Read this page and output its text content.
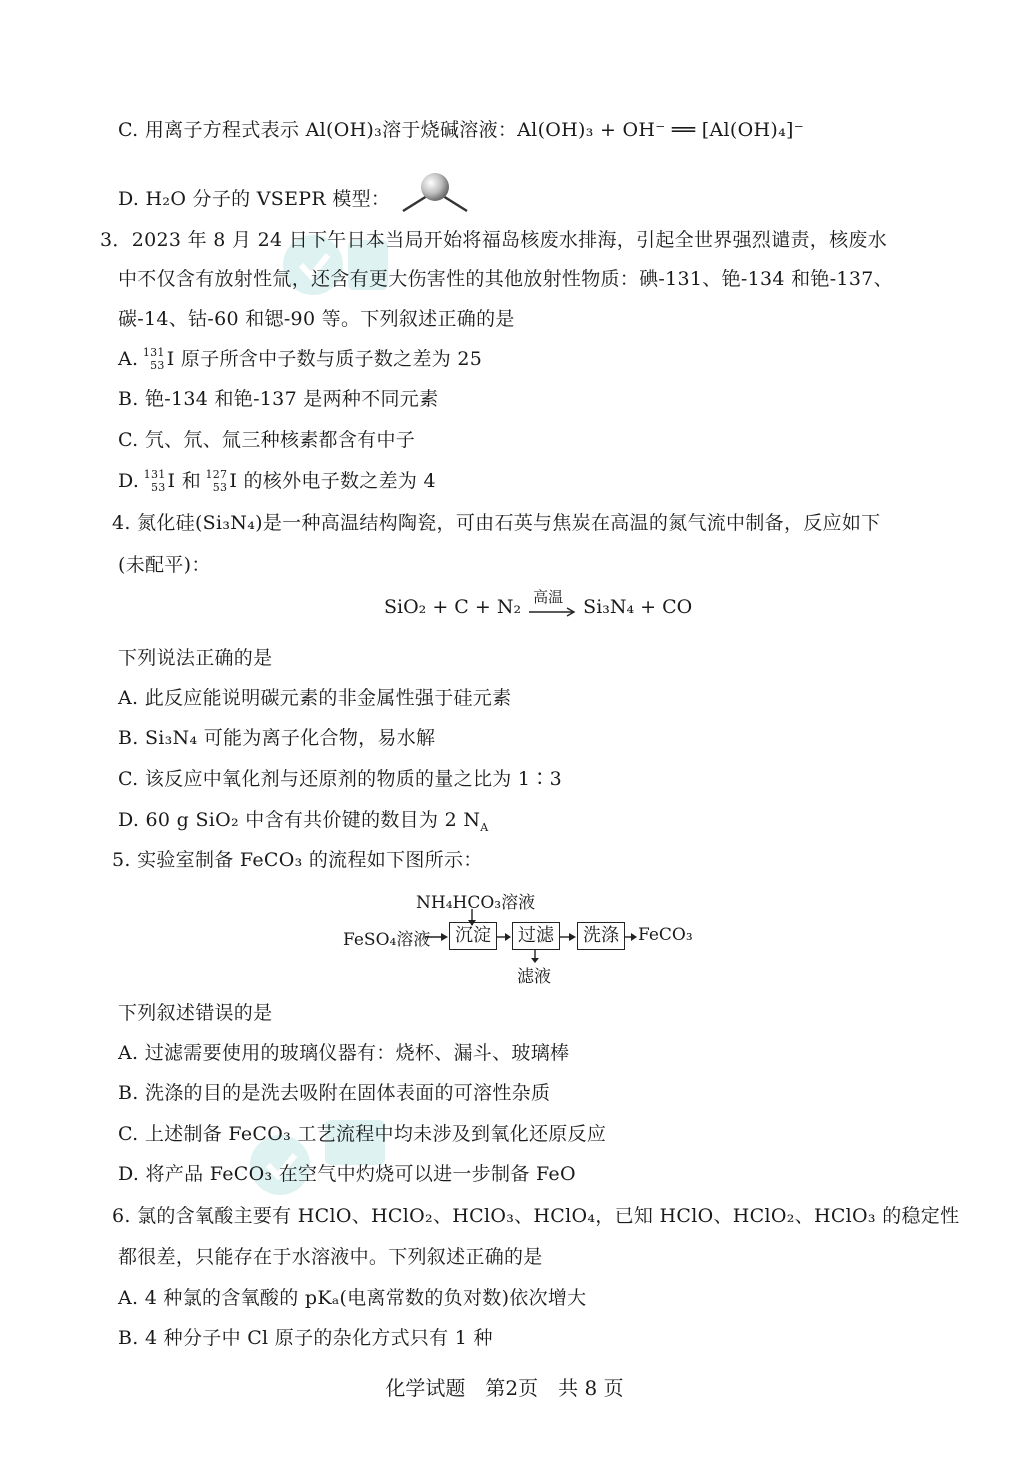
C. 用离子方程式表示 Al(OH)₃溶于烧碱溶液：Al(OH)₃ + OH⁻ ══ [Al(OH)₄]⁻
D. H₂O 分子的 VSEPR 模型：
3．2023 年 8 月 24 日下午日本当局开始将福岛核废水排海，引起全世界强烈谴责，核废水
中不仅含有放射性氚，还含有更大伤害性的其他放射性物质：碘-131、铯-134 和铯-137、
碳-14、钴-60 和锶-90 等。下列叙述正确的是
A. 131
53 I 原子所含中子数与质子数之差为 25
B. 铯-134 和铯-137 是两种不同元素
C. 氕、氘、氚三种核素都含有中子
D. 131
53 I 和 127
53 I 的核外电子数之差为 4
4. 氮化硅(Si₃N₄)是一种高温结构陶瓷，可由石英与焦炭在高温的氮气流中制备，反应如下
(未配平)：
SiO₂ + C + N₂ 高温 Si₃N₄ + CO
下列说法正确的是
A. 此反应能说明碳元素的非金属性强于硅元素
B. Si₃N₄ 可能为离子化合物，易水解
C. 该反应中氧化剂与还原剂的物质的量之比为 1∶3
D. 60 g SiO₂ 中含有共价键的数目为 2 $N_A$
5. 实验室制备 FeCO₃ 的流程如下图所示：
NH₄HCO₃溶液
FeSO₄溶液	沉淀	过滤	洗涤	FeCO₃
滤液
下列叙述错误的是
A. 过滤需要使用的玻璃仪器有：烧杯、漏斗、玻璃棒
B. 洗涤的目的是洗去吸附在固体表面的可溶性杂质
C. 上述制备 FeCO₃ 工艺流程中均未涉及到氧化还原反应
D. 将产品 FeCO₃ 在空气中灼烧可以进一步制备 FeO
6. 氯的含氧酸主要有 HClO、HClO₂、HClO₃、HClO₄，已知 HClO、HClO₂、HClO₃ 的稳定性
都很差，只能存在于水溶液中。下列叙述正确的是
A. 4 种氯的含氧酸的 pKₐ(电离常数的负对数)依次增大
B. 4 种分子中 Cl 原子的杂化方式只有 1 种
化学试题 第2页 共 8 页
